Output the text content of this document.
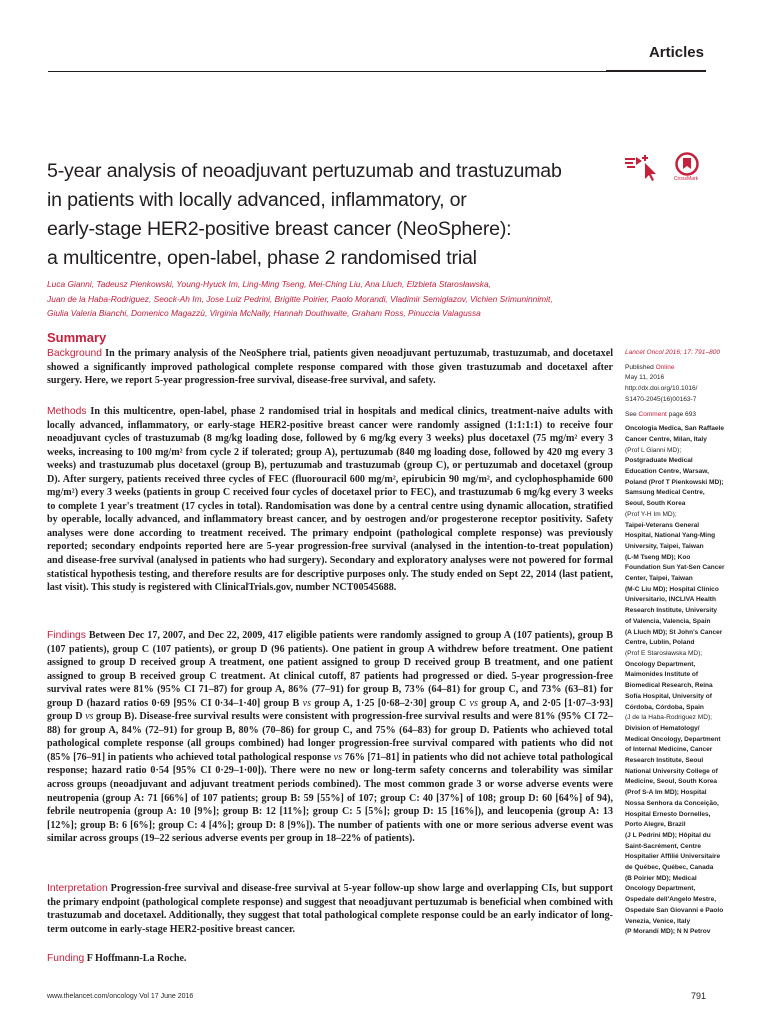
Articles
5-year analysis of neoadjuvant pertuzumab and trastuzumab
in patients with locally advanced, inflammatory, or
early-stage HER2-positive breast cancer (NeoSphere):
a multicentre, open-label, phase 2 randomised trial
CrossMark
Luca Gianni, Tadeusz Pienkowski, Young-Hyuck Im, Ling-Ming Tseng, Mei-Ching Liu, Ana Lluch, Elzbieta Starosławska,
Juan de la Haba-Rodriguez, Seock-Ah Im, Jose Luiz Pedrini, Brigitte Poirier, Paolo Morandi, Vladimir Semiglazov, Vichien Srimuninnimit,
Giulia Valeria Bianchi, Domenico Magazzù, Virginia McNally, Hannah Douthwaite, Graham Ross, Pinuccia Valagussa
Summary

Background In the primary analysis of the NeoSphere trial, patients given neoadjuvant pertuzumab, trastuzumab, and docetaxel showed a significantly improved pathological complete response compared with those given trastuzumab and docetaxel after surgery. Here, we report 5-year progression-free survival, disease-free survival, and safety.

Methods In this multicentre, open-label, phase 2 randomised trial in hospitals and medical clinics, treatment-naive adults with locally advanced, inflammatory, or early-stage HER2-positive breast cancer were randomly assigned (1:1:1:1) to receive four neoadjuvant cycles of trastuzumab (8 mg/kg loading dose, followed by 6 mg/kg every 3 weeks) plus docetaxel (75 mg/m² every 3 weeks, increasing to 100 mg/m² from cycle 2 if tolerated; group A), pertuzumab (840 mg loading dose, followed by 420 mg every 3 weeks) and trastuzumab plus docetaxel (group B), pertuzumab and trastuzumab (group C), or pertuzumab and docetaxel (group D). After surgery, patients received three cycles of FEC (fluorouracil 600 mg/m², epirubicin 90 mg/m², and cyclophosphamide 600 mg/m²) every 3 weeks (patients in group C received four cycles of docetaxel prior to FEC), and trastuzumab 6 mg/kg every 3 weeks to complete 1 year's treatment (17 cycles in total). Randomisation was done by a central centre using dynamic allocation, stratified by operable, locally advanced, and inflammatory breast cancer, and by oestrogen and/or progesterone receptor positivity. Safety analyses were done according to treatment received. The primary endpoint (pathological complete response) was previously reported; secondary endpoints reported here are 5-year progression-free survival (analysed in the intention-to-treat population) and disease-free survival (analysed in patients who had surgery). Secondary and exploratory analyses were not powered for formal statistical hypothesis testing, and therefore results are for descriptive purposes only. The study ended on Sept 22, 2014 (last patient, last visit). This study is registered with ClinicalTrials.gov, number NCT00545688.

Findings Between Dec 17, 2007, and Dec 22, 2009, 417 eligible patients were randomly assigned to group A (107 patients), group B (107 patients), group C (107 patients), or group D (96 patients). One patient in group A withdrew before treatment. One patient assigned to group D received group A treatment, one patient assigned to group D received group B treatment, and one patient assigned to group B received group C treatment. At clinical cutoff, 87 patients had progressed or died. 5-year progression-free survival rates were 81% (95% CI 71–87) for group A, 86% (77–91) for group B, 73% (64–81) for group C, and 73% (63–81) for group D (hazard ratios 0·69 [95% CI 0·34–1·40] group B vs group A, 1·25 [0·68–2·30] group C vs group A, and 2·05 [1·07–3·93] group D vs group B). Disease-free survival results were consistent with progression-free survival results and were 81% (95% CI 72–88) for group A, 84% (72–91) for group B, 80% (70–86) for group C, and 75% (64–83) for group D. Patients who achieved total pathological complete response (all groups combined) had longer progression-free survival compared with patients who did not (85% [76–91] in patients who achieved total pathological response vs 76% [71–81] in patients who did not achieve total pathological response; hazard ratio 0·54 [95% CI 0·29–1·00]). There were no new or long-term safety concerns and tolerability was similar across groups (neoadjuvant and adjuvant treatment periods combined). The most common grade 3 or worse adverse events were neutropenia (group A: 71 [66%] of 107 patients; group B: 59 [55%] of 107; group C: 40 [37%] of 108; group D: 60 [64%] of 94), febrile neutropenia (group A: 10 [9%]; group B: 12 [11%]; group C: 5 [5%]; group D: 15 [16%]), and leucopenia (group A: 13 [12%]; group B: 6 [6%]; group C: 4 [4%]; group D: 8 [9%]). The number of patients with one or more serious adverse event was similar across groups (19–22 serious adverse events per group in 18–22% of patients).

Interpretation Progression-free survival and disease-free survival at 5-year follow-up show large and overlapping CIs, but support the primary endpoint (pathological complete response) and suggest that neoadjuvant pertuzumab is beneficial when combined with trastuzumab and docetaxel. Additionally, they suggest that total pathological complete response could be an early indicator of long-term outcome in early-stage HER2-positive breast cancer.

Funding F Hoffmann-La Roche.

Lancet Oncol 2016; 17: 791–800
Published Online
May 11, 2016
http://dx.doi.org/10.1016/
S1470-2045(16)00163-7
See Comment page 693
Oncologia Medica, San Raffaele
Cancer Centre, Milan, Italy
(Prof L Gianni MD);
Postgraduate Medical
Education Centre, Warsaw,
Poland (Prof T Pienkowski MD);
Samsung Medical Centre,
Seoul, South Korea
(Prof Y-H Im MD);
Taipei-Veterans General
Hospital, National Yang-Ming
University, Taipei, Taiwan
(L-M Tseng MD); Koo
Foundation Sun Yat-Sen Cancer
Center, Taipei, Taiwan
(M-C Liu MD); Hospital Clínico
Universitario, INCLIVA Health
Research Institute, University
of Valencia, Valencia, Spain
(A Lluch MD); St John's Cancer
Centre, Lublin, Poland
(Prof E Starosławska MD);
Oncology Department,
Maimonides Institute of
Biomedical Research, Reina
Sofía Hospital, University of
Córdoba, Córdoba, Spain
(J de la Haba-Rodriguez MD);
Division of Hematology/
Medical Oncology, Department
of Internal Medicine, Cancer
Research Institute, Seoul
National University College of
Medicine, Seoul, South Korea
(Prof S-A Im MD); Hospital
Nossa Senhora da Conceição,
Hospital Ernesto Dornelles,
Porto Alegre, Brazil
(J L Pedrini MD); Hôpital du
Saint-Sacrément, Centre
Hospitalier Affilié Universitaire
de Québec, Québec, Canada
(B Poirier MD); Medical
Oncology Department,
Ospedale dell'Angelo Mestre,
Ospedale San Giovanni e Paolo
Venezia, Venice, Italy
(P Morandi MD); N N Petrov
www.thelancet.com/oncology Vol 17 June 2016	791
